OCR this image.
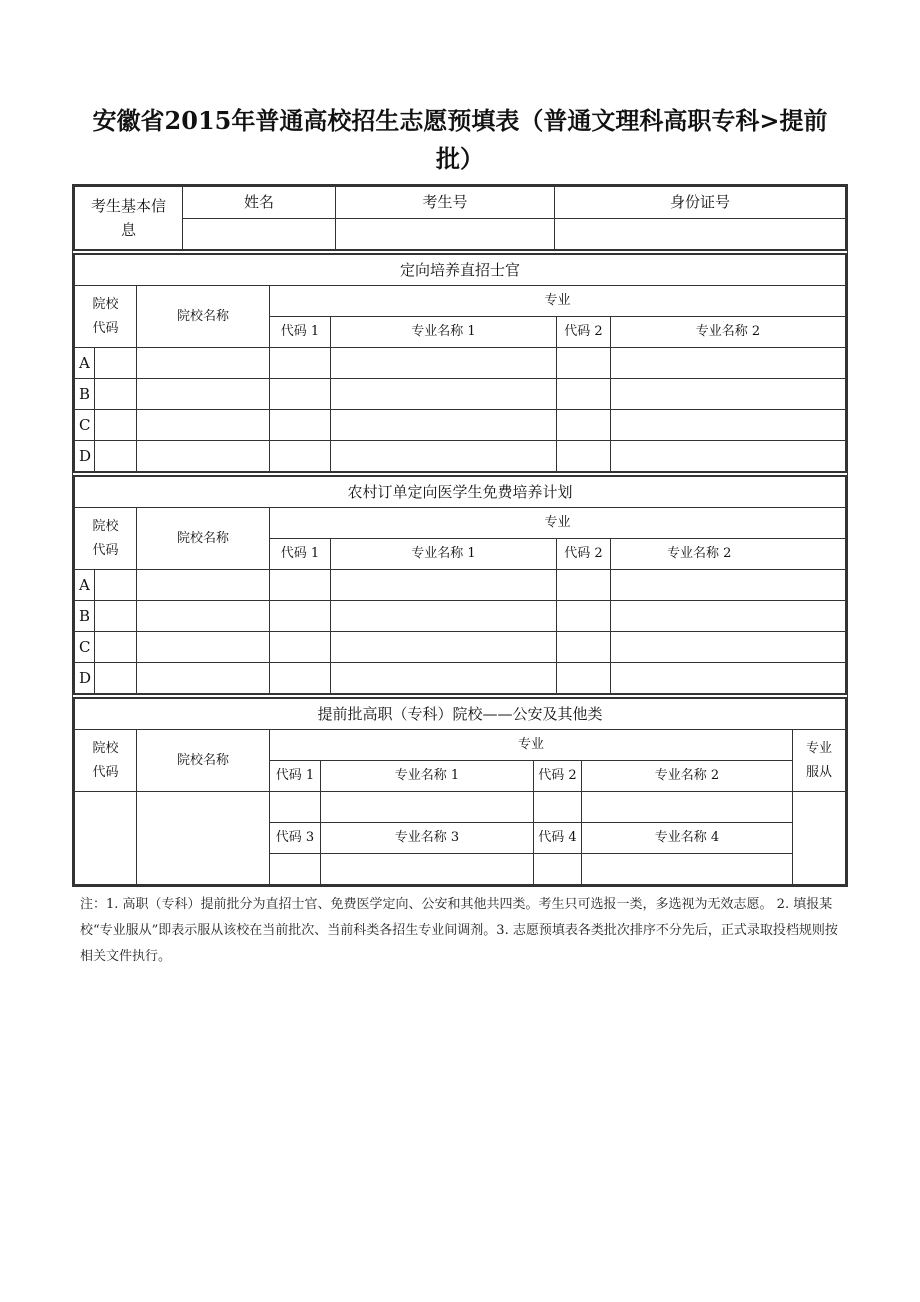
安徽省2015年普通高校招生志愿预填表（普通文理科高职专科>提前批）
考生基本信息	姓名	考生号	身份证号

定向培养直招士官						
院校代码		院校名称	专业			
			代码 1	专业名称 1	代码 2	专业名称 2
A						
B						
C						
D						
农村订单定向医学生免费培养计划						
院校代码		院校名称	专业			
			代码 1	专业名称 1	代码 2	专业名称 2
A						
B						
C						
D						
提前批高职（专科）院校——公安及其他类						
院校代码	院校名称	专业				专业服从
		代码 1	专业名称 1	代码 2	专业名称 2	

		代码 3	专业名称 3	代码 4	专业名称 4	

注：1. 高职（专科）提前批分为直招士官、免费医学定向、公安和其他共四类。考生只可选报一类，多选视为无效志愿。 2. 填报某校“专业服从”即表示服从该校在当前批次、当前科类各招生专业间调剂。3. 志愿预填表各类批次排序不分先后，正式录取投档规则按相关文件执行。
